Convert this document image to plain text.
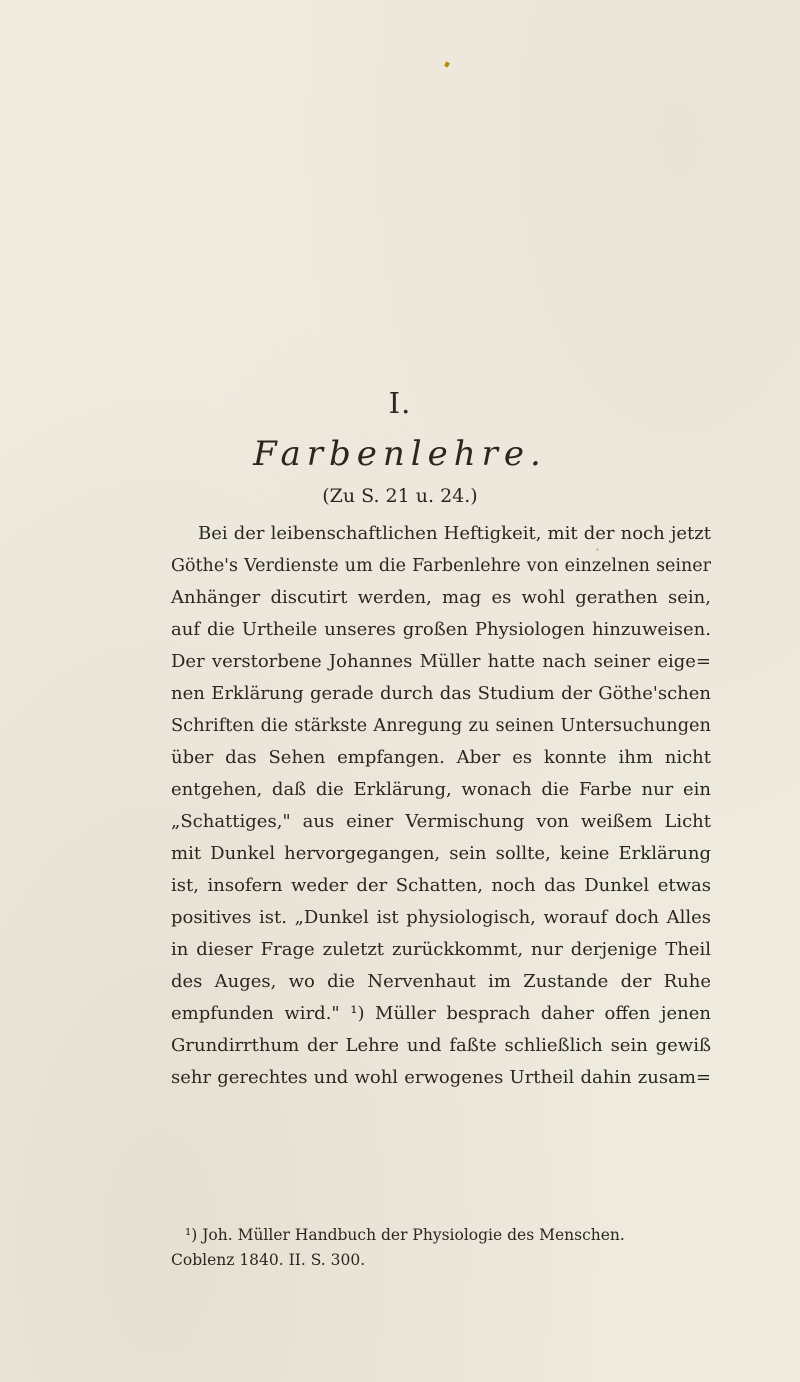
I.
Farbenlehre.
(Zu S. 21 u. 24.)
Bei der leibenschaftlichen Heftigkeit, mit der noch jetzt
Göthe's Verdienste um die Farbenlehre von einzelnen seiner
Anhänger discutirt werden, mag es wohl gerathen sein,
auf die Urtheile unseres großen Physiologen hinzuweisen.
Der verstorbene Johannes Müller hatte nach seiner eige=
nen Erklärung gerade durch das Studium der Göthe'schen
Schriften die stärkste Anregung zu seinen Untersuchungen
über das Sehen empfangen. Aber es konnte ihm nicht
entgehen, daß die Erklärung, wonach die Farbe nur ein
„Schattiges," aus einer Vermischung von weißem Licht
mit Dunkel hervorgegangen, sein sollte, keine Erklärung
ist, insofern weder der Schatten, noch das Dunkel etwas
positives ist. „Dunkel ist physiologisch, worauf doch Alles
in dieser Frage zuletzt zurückkommt, nur derjenige Theil
des Auges, wo die Nervenhaut im Zustande der Ruhe
empfunden wird." ¹) Müller besprach daher offen jenen
Grundirrthum der Lehre und faßte schließlich sein gewiß
sehr gerechtes und wohl erwogenes Urtheil dahin zusam=
¹) Joh. Müller Handbuch der Physiologie des Menschen.
Coblenz 1840. II. S. 300.
